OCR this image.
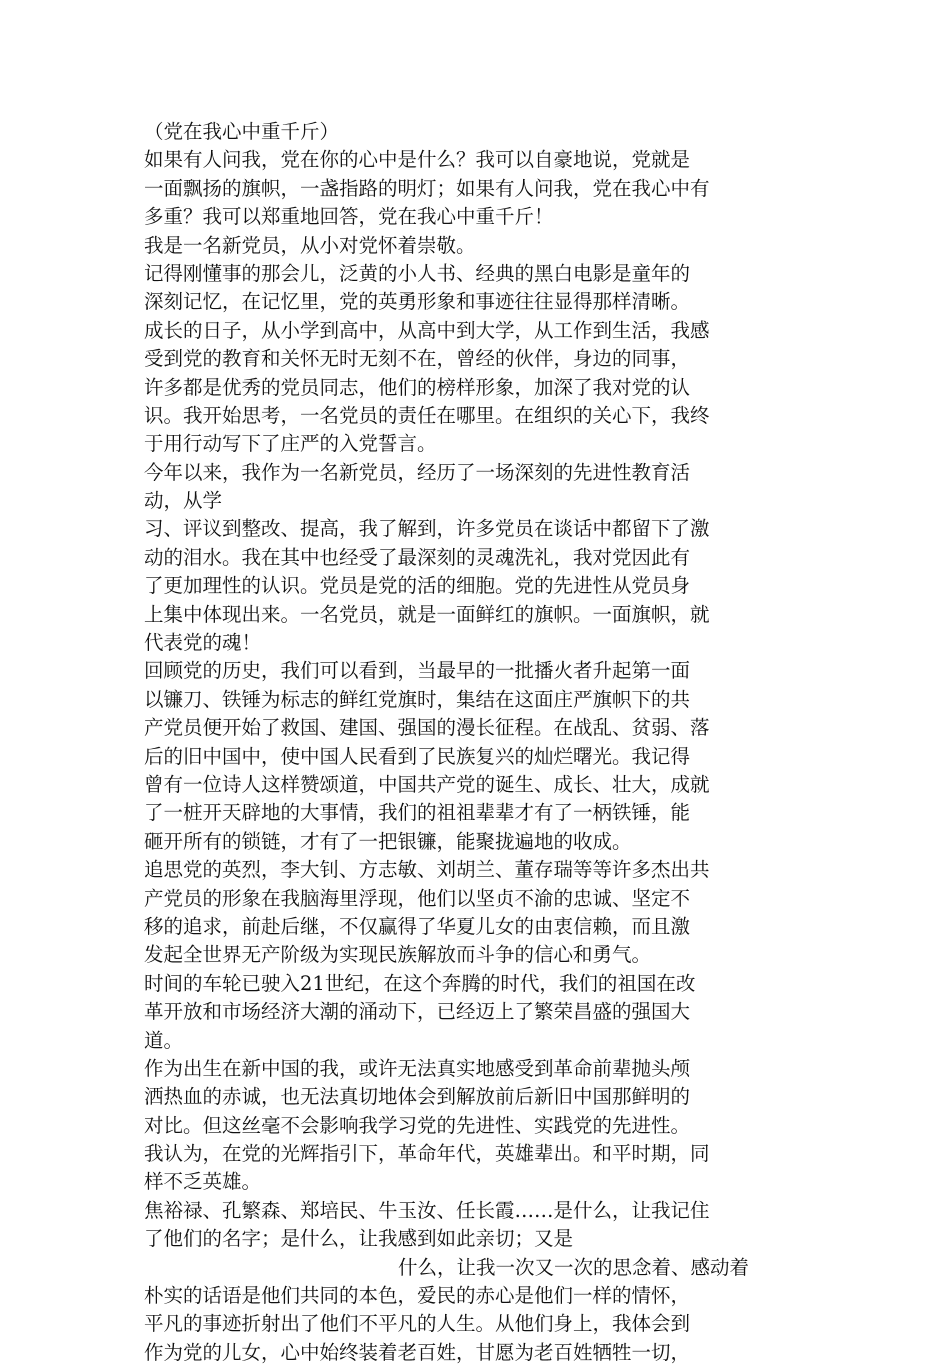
（党在我心中重千斤）
如果有人问我，党在你的心中是什么？我可以自豪地说，党就是
一面飘扬的旗帜，一盏指路的明灯；如果有人问我，党在我心中有
多重？我可以郑重地回答，党在我心中重千斤！
我是一名新党员，从小对党怀着崇敬。
记得刚懂事的那会儿，泛黄的小人书、经典的黑白电影是童年的
深刻记忆，在记忆里，党的英勇形象和事迹往往显得那样清晰。
成长的日子，从小学到高中，从高中到大学，从工作到生活，我感
受到党的教育和关怀无时无刻不在，曾经的伙伴，身边的同事，
许多都是优秀的党员同志，他们的榜样形象，加深了我对党的认
识。我开始思考，一名党员的责任在哪里。在组织的关心下，我终
于用行动写下了庄严的入党誓言。
今年以来，我作为一名新党员，经历了一场深刻的先进性教育活
动，从学
习、评议到整改、提高，我了解到，许多党员在谈话中都留下了激
动的泪水。我在其中也经受了最深刻的灵魂洗礼，我对党因此有
了更加理性的认识。党员是党的活的细胞。党的先进性从党员身
上集中体现出来。一名党员，就是一面鲜红的旗帜。一面旗帜，就
代表党的魂！
回顾党的历史，我们可以看到，当最早的一批播火者升起第一面
以镰刀、铁锤为标志的鲜红党旗时，集结在这面庄严旗帜下的共
产党员便开始了救国、建国、强国的漫长征程。在战乱、贫弱、落
后的旧中国中，使中国人民看到了民族复兴的灿烂曙光。我记得
曾有一位诗人这样赞颂道，中国共产党的诞生、成长、壮大，成就
了一桩开天辟地的大事情，我们的祖祖辈辈才有了一柄铁锤，能
砸开所有的锁链，才有了一把银镰，能聚拢遍地的收成。
追思党的英烈，李大钊、方志敏、刘胡兰、董存瑞等等许多杰出共
产党员的形象在我脑海里浮现，他们以坚贞不渝的忠诚、坚定不
移的追求，前赴后继，不仅赢得了华夏儿女的由衷信赖，而且激
发起全世界无产阶级为实现民族解放而斗争的信心和勇气。
时间的车轮已驶入21世纪，在这个奔腾的时代，我们的祖国在改
革开放和市场经济大潮的涌动下，已经迈上了繁荣昌盛的强国大
道。
作为出生在新中国的我，或许无法真实地感受到革命前辈抛头颅
洒热血的赤诚，也无法真切地体会到解放前后新旧中国那鲜明的
对比。但这丝毫不会影响我学习党的先进性、实践党的先进性。
我认为，在党的光辉指引下，革命年代，英雄辈出。和平时期，同
样不乏英雄。
焦裕禄、孔繁森、郑培民、牛玉汝、任长霞……是什么，让我记住
了他们的名字；是什么，让我感到如此亲切；又是
什么，让我一次又一次的思念着、感动着
朴实的话语是他们共同的本色，爱民的赤心是他们一样的情怀，
平凡的事迹折射出了他们不平凡的人生。从他们身上，我体会到
作为党的儿女，心中始终装着老百姓，甘愿为老百姓牺牲一切，
